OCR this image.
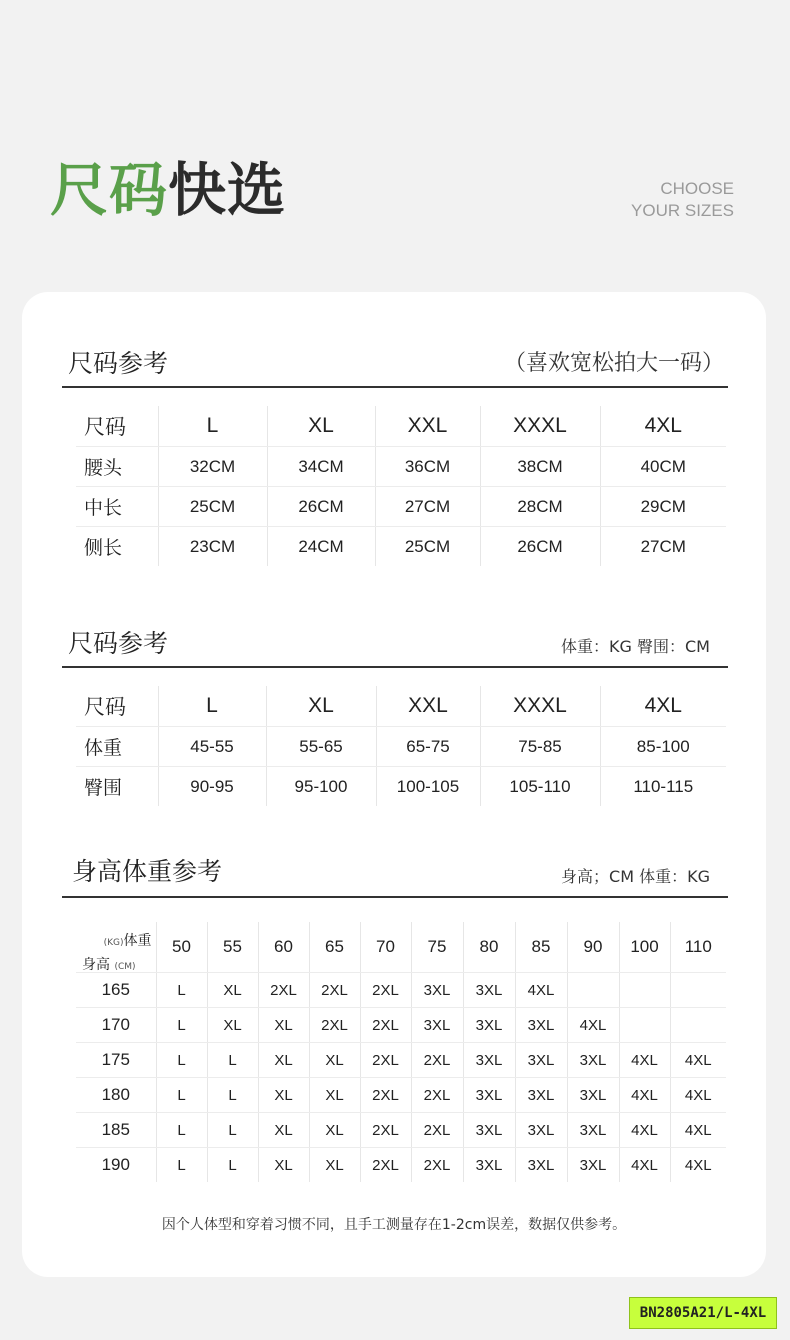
尺码快选	CHOOSE
YOUR SIZES
尺码参考	（喜欢宽松拍大一码）
尺码	L	XL	XXL	XXXL	4XL
腰头	32CM	34CM	36CM	38CM	40CM
中长	25CM	26CM	27CM	28CM	29CM
侧长	23CM	24CM	25CM	26CM	27CM
尺码参考	体重：KG 臀围：CM
尺码	L	XL	XXL	XXXL	4XL
体重	45-55	55-65	65-75	75-85	85-100
臀围	90-95	95-100	100-105	105-110	110-115
身高体重参考	身高；CM 体重：KG
(KG)体重
身高 (CM)	50	55	60	65	70	75	80	85	90	100	110
165	L	XL	2XL	2XL	2XL	3XL	3XL	4XL			
170	L	XL	XL	2XL	2XL	3XL	3XL	3XL	4XL		
175	L	L	XL	XL	2XL	2XL	3XL	3XL	3XL	4XL	4XL
180	L	L	XL	XL	2XL	2XL	3XL	3XL	3XL	4XL	4XL
185	L	L	XL	XL	2XL	2XL	3XL	3XL	3XL	4XL	4XL
190	L	L	XL	XL	2XL	2XL	3XL	3XL	3XL	4XL	4XL
因个人体型和穿着习惯不同，且手工测量存在1-2cm误差，数据仅供参考。
BN2805A21/L-4XL
